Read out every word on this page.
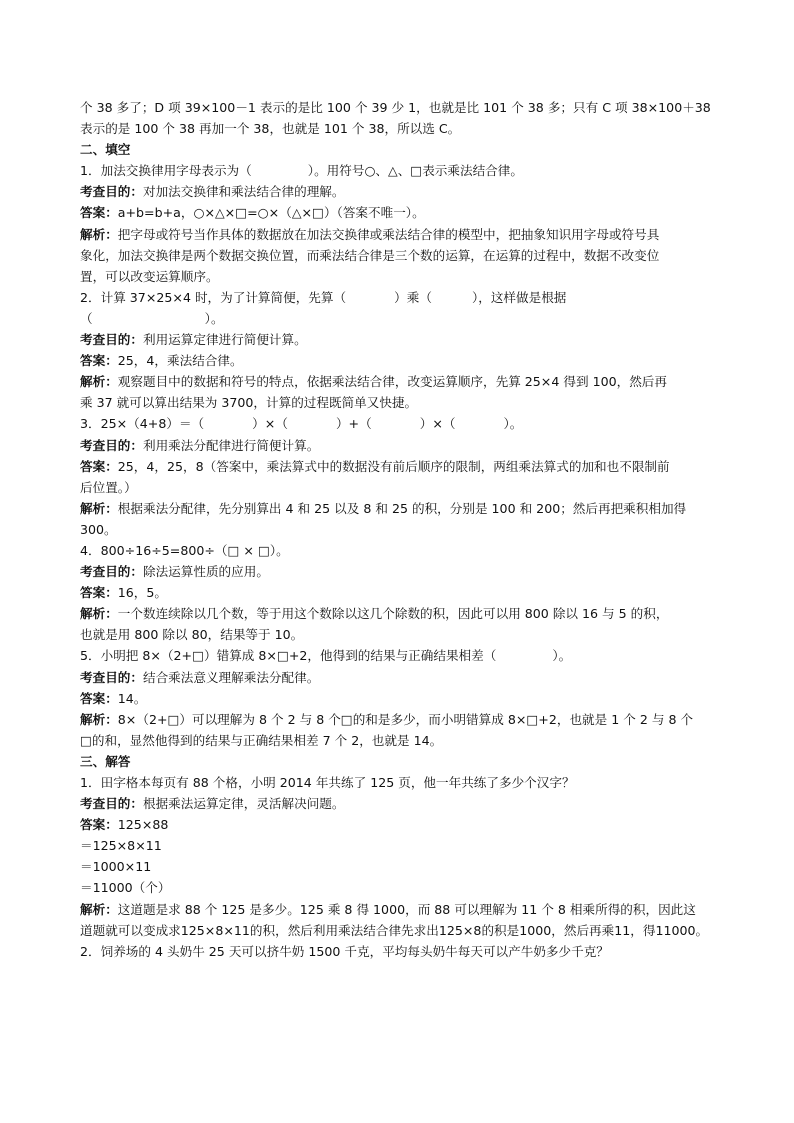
个 38 多了；D 项 39×100－1 表示的是比 100 个 39 少 1，也就是比 101 个 38 多；只有 C 项 38×100＋38
表示的是 100 个 38 再加一个 38，也就是 101 个 38，所以选 C。
二、填空
1．加法交换律用字母表示为（              ）。用符号○、△、□表示乘法结合律。
考查目的：对加法交换律和乘法结合律的理解。
答案：a+b=b+a，○×△×□=○×（△×□）（答案不唯一）。
解析：把字母或符号当作具体的数据放在加法交换律或乘法结合律的模型中，把抽象知识用字母或符号具
象化，加法交换律是两个数据交换位置，而乘法结合律是三个数的运算，在运算的过程中，数据不改变位
置，可以改变运算顺序。
2．计算 37×25×4 时，为了计算简便，先算（            ）乘（          ），这样做是根据
（                            ）。
考查目的：利用运算定律进行简便计算。
答案：25，4，乘法结合律。
解析：观察题目中的数据和符号的特点，依据乘法结合律，改变运算顺序，先算 25×4 得到 100，然后再
乘 37 就可以算出结果为 3700，计算的过程既简单又快捷。
3．25×（4+8）＝（            ）×（            ）+（            ）×（            ）。
考查目的：利用乘法分配律进行简便计算。
答案：25，4，25，8（答案中，乘法算式中的数据没有前后顺序的限制，两组乘法算式的加和也不限制前
后位置。）
解析：根据乘法分配律，先分别算出 4 和 25 以及 8 和 25 的积，分别是 100 和 200；然后再把乘积相加得
300。
4．800÷16÷5=800÷（□ × □）。
考查目的：除法运算性质的应用。
答案：16，5。
解析：一个数连续除以几个数，等于用这个数除以这几个除数的积，因此可以用 800 除以 16 与 5 的积，
也就是用 800 除以 80，结果等于 10。
5．小明把 8×（2+□）错算成 8×□+2，他得到的结果与正确结果相差（              ）。
考查目的：结合乘法意义理解乘法分配律。
答案：14。
解析：8×（2+□）可以理解为 8 个 2 与 8 个□的和是多少，而小明错算成 8×□+2，也就是 1 个 2 与 8 个
□的和，显然他得到的结果与正确结果相差 7 个 2，也就是 14。
三、解答
1．田字格本每页有 88 个格，小明 2014 年共练了 125 页，他一年共练了多少个汉字？
考查目的：根据乘法运算定律，灵活解决问题。
答案：125×88
＝125×8×11
＝1000×11
＝11000（个）
解析：这道题是求 88 个 125 是多少。125 乘 8 得 1000，而 88 可以理解为 11 个 8 相乘所得的积，因此这
道题就可以变成求125×8×11的积，然后利用乘法结合律先求出125×8的积是1000，然后再乘11，得11000。
2．饲养场的 4 头奶牛 25 天可以挤牛奶 1500 千克，平均每头奶牛每天可以产牛奶多少千克？
